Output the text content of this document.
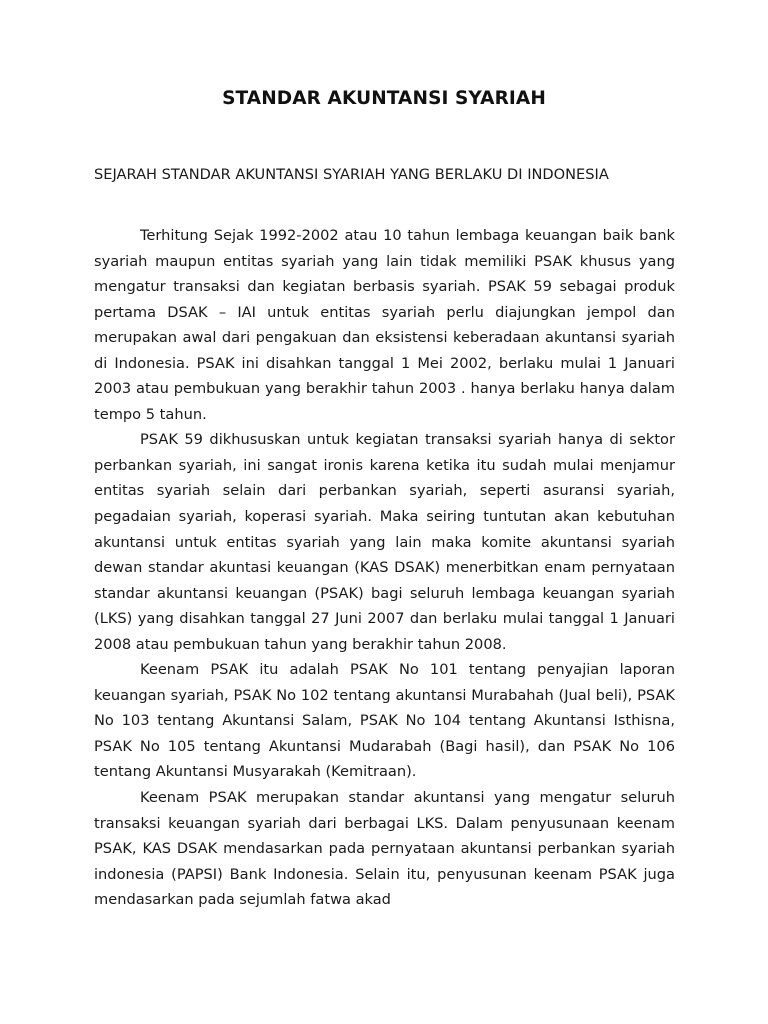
STANDAR AKUNTANSI SYARIAH
SEJARAH STANDAR AKUNTANSI SYARIAH YANG BERLAKU DI INDONESIA

Terhitung Sejak 1992-2002 atau 10 tahun lembaga keuangan baik bank syariah maupun entitas syariah yang lain tidak memiliki PSAK khusus yang mengatur transaksi dan kegiatan berbasis syariah. PSAK 59 sebagai produk pertama DSAK – IAI untuk entitas syariah perlu diajungkan jempol dan merupakan awal dari pengakuan dan eksistensi keberadaan akuntansi syariah di Indonesia. PSAK ini disahkan tanggal 1 Mei 2002, berlaku mulai 1 Januari 2003 atau pembukuan yang berakhir tahun 2003 . hanya berlaku hanya dalam tempo 5 tahun.

PSAK 59 dikhususkan untuk kegiatan transaksi syariah hanya di sektor perbankan syariah, ini sangat ironis karena ketika itu sudah mulai menjamur entitas syariah selain dari perbankan syariah, seperti asuransi syariah, pegadaian syariah, koperasi syariah. Maka seiring tuntutan akan kebutuhan akuntansi untuk entitas syariah yang lain maka komite akuntansi syariah dewan standar akuntasi keuangan (KAS DSAK) menerbitkan enam pernyataan standar akuntansi keuangan (PSAK) bagi seluruh lembaga keuangan syariah (LKS) yang disahkan tanggal 27 Juni 2007 dan berlaku mulai tanggal 1 Januari 2008 atau pembukuan tahun yang berakhir tahun 2008.

Keenam PSAK itu adalah PSAK No 101 tentang penyajian laporan keuangan syariah, PSAK No 102 tentang akuntansi Murabahah (Jual beli), PSAK No 103 tentang Akuntansi Salam, PSAK No 104 tentang Akuntansi Isthisna, PSAK No 105 tentang Akuntansi Mudarabah (Bagi hasil), dan PSAK No 106 tentang Akuntansi Musyarakah (Kemitraan).

Keenam PSAK merupakan standar akuntansi yang mengatur seluruh transaksi keuangan syariah dari berbagai LKS. Dalam penyusunaan keenam PSAK, KAS DSAK mendasarkan pada pernyataan akuntansi perbankan syariah indonesia (PAPSI) Bank Indonesia. Selain itu, penyusunan keenam PSAK juga mendasarkan pada sejumlah fatwa akad
